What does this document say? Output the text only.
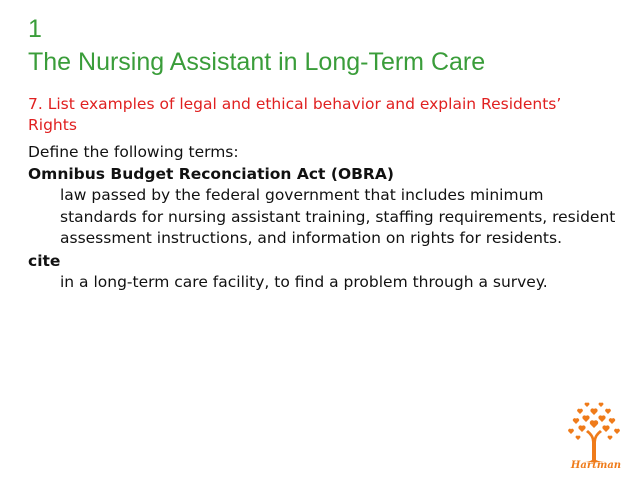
1
The Nursing Assistant in Long-Term Care
7. List examples of legal and ethical behavior and explain Residents’ Rights

Define the following terms:

Omnibus Budget Reconciation Act (OBRA)

law passed by the federal government that includes minimum standards for nursing assistant training, staffing requirements, resident assessment instructions, and information on rights for residents.

cite

in a long-term care facility, to find a problem through a survey.

Hartman
